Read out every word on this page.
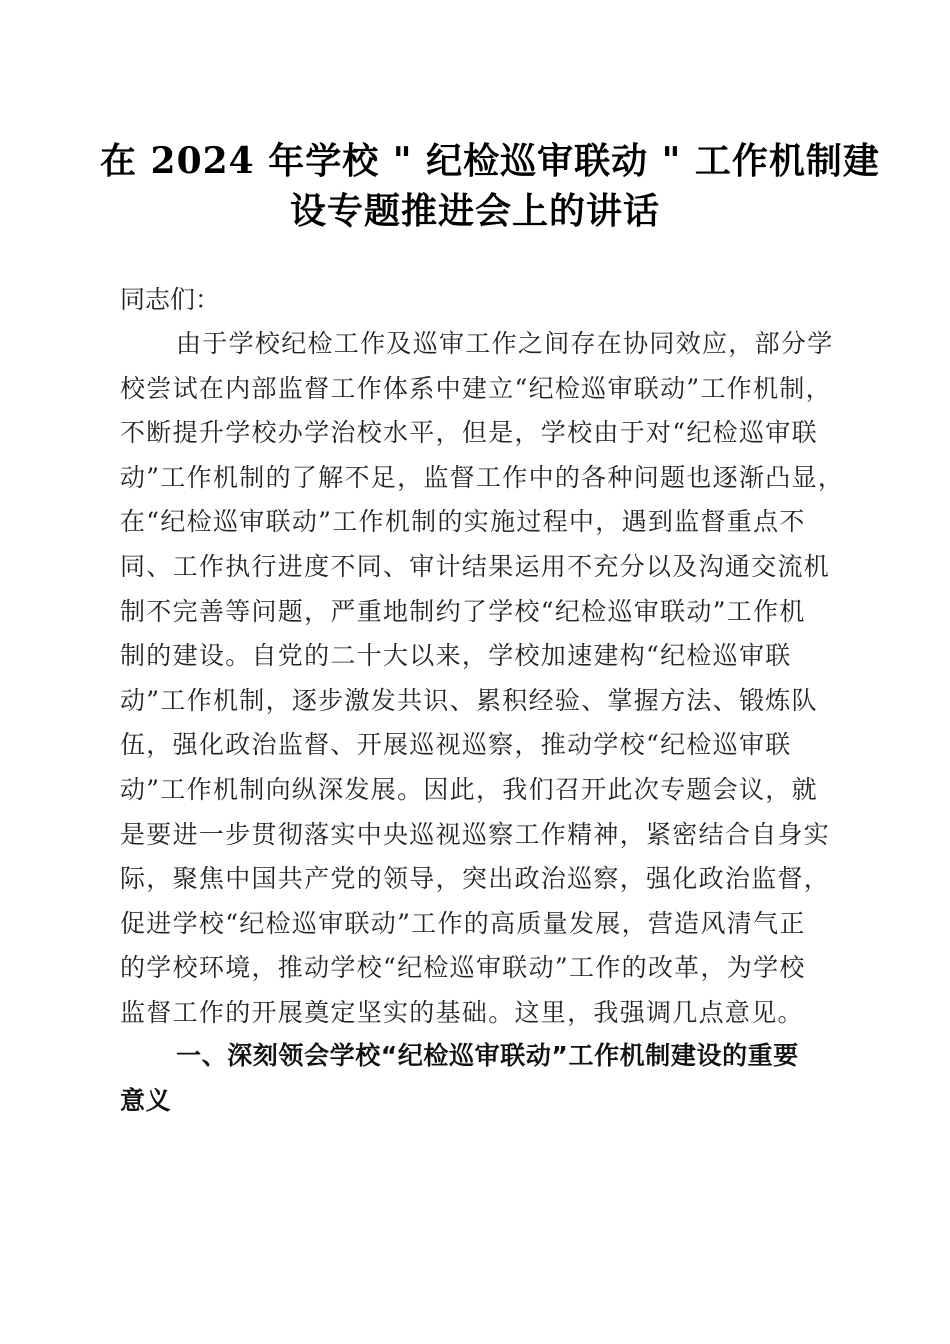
在 2024 年学校 " 纪检巡审联动 " 工作机制建
设专题推进会上的讲话

同志们：

由于学校纪检工作及巡审工作之间存在协同效应，部分学
校尝试在内部监督工作体系中建立“纪检巡审联动”工作机制，
不断提升学校办学治校水平，但是，学校由于对“纪检巡审联
动”工作机制的了解不足，监督工作中的各种问题也逐渐凸显，
在“纪检巡审联动”工作机制的实施过程中，遇到监督重点不
同、工作执行进度不同、审计结果运用不充分以及沟通交流机
制不完善等问题，严重地制约了学校“纪检巡审联动”工作机
制的建设。自党的二十大以来，学校加速建构“纪检巡审联
动”工作机制，逐步激发共识、累积经验、掌握方法、锻炼队
伍，强化政治监督、开展巡视巡察，推动学校“纪检巡审联
动”工作机制向纵深发展。因此，我们召开此次专题会议，就
是要进一步贯彻落实中央巡视巡察工作精神，紧密结合自身实
际，聚焦中国共产党的领导，突出政治巡察，强化政治监督，
促进学校“纪检巡审联动”工作的高质量发展，营造风清气正
的学校环境，推动学校“纪检巡审联动”工作的改革，为学校
监督工作的开展奠定坚实的基础。这里，我强调几点意见。
一、深刻领会学校“纪检巡审联动”工作机制建设的重要
意义
